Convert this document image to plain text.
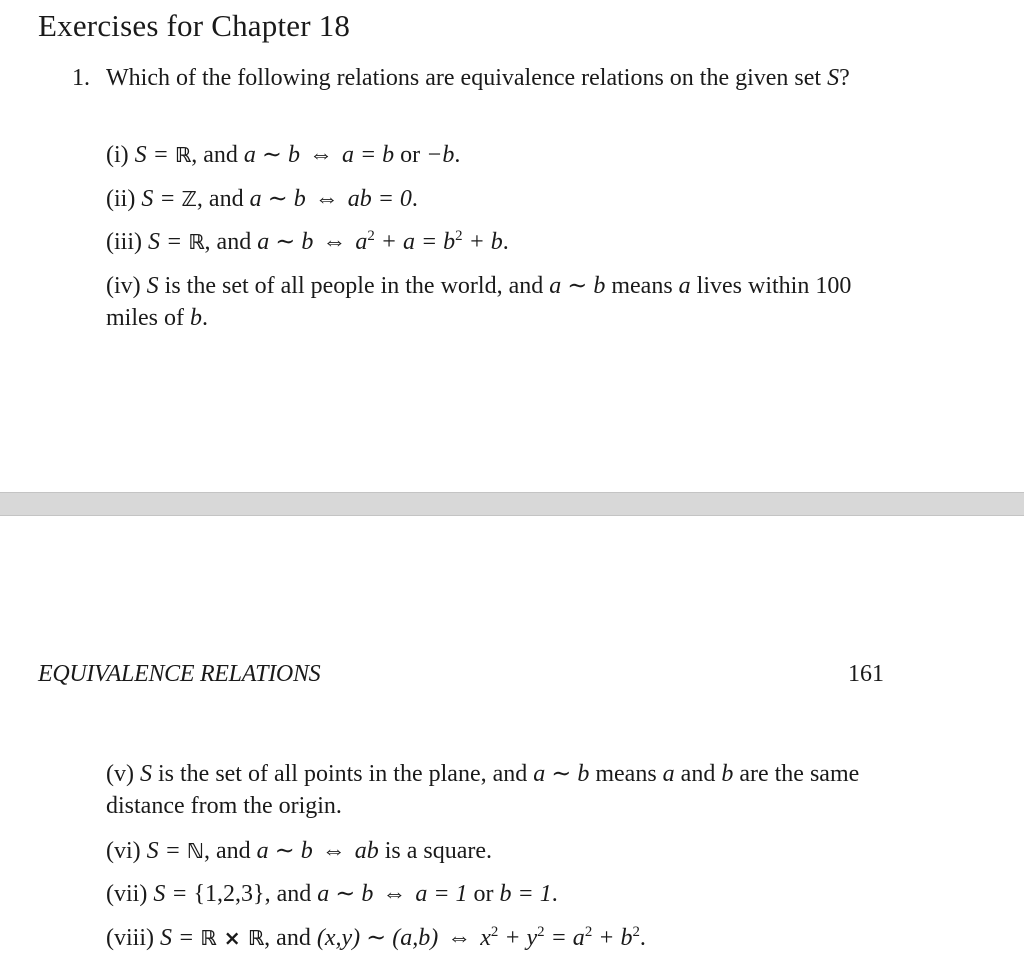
Exercises for Chapter 18
1. Which of the following relations are equivalence relations on the given set S?

(i) S = ℝ, and a ∼ b ⇔ a = b or −b.

(ii) S = ℤ, and a ∼ b ⇔ ab = 0.

(iii) S = ℝ, and a ∼ b ⇔ $a^2 + a = b^2 + b$.

(iv) S is the set of all people in the world, and a ∼ b means a lives within 100 miles of b.

EQUIVALENCE RELATIONS	161

(v) S is the set of all points in the plane, and a ∼ b means a and b are the same distance from the origin.

(vi) S = ℕ, and a ∼ b ⇔ ab is a square.

(vii) S = {1,2,3}, and a ∼ b ⇔ a = 1 or b = 1.

(viii) S = ℝ × ℝ, and (x,y) ∼ (a,b) ⇔ $x^2 + y^2 = a^2 + b^2$.
